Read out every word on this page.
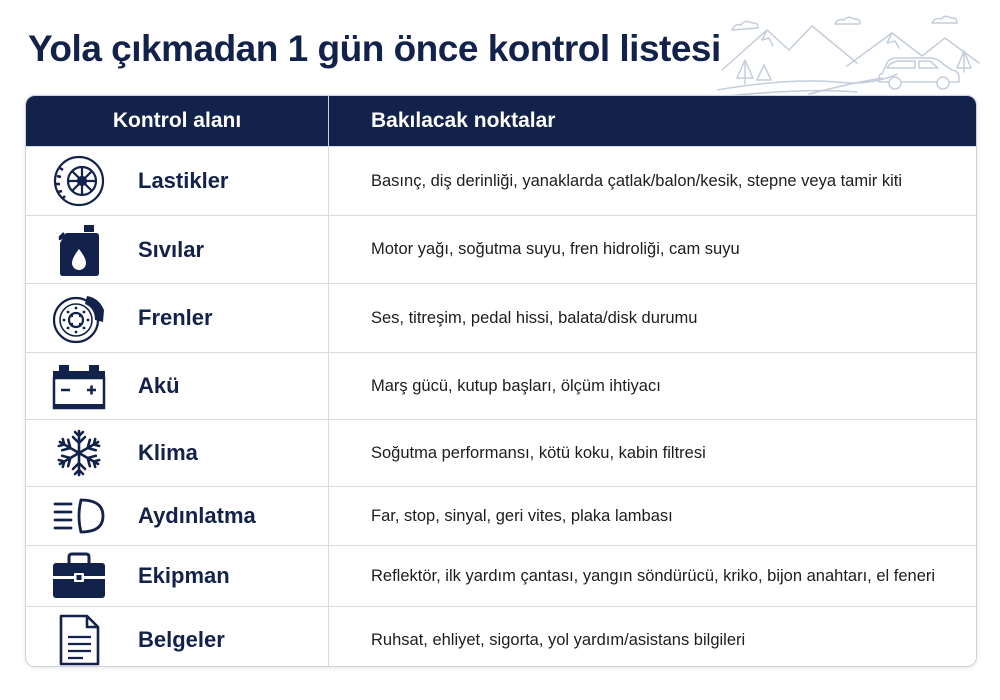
Yola çıkmadan 1 gün önce kontrol listesi
Kontrol alanı	Bakılacak noktalar
Lastikler	Basınç, diş derinliği, yanaklarda çatlak/balon/kesik, stepne veya tamir kiti
Sıvılar	Motor yağı, soğutma suyu, fren hidroliği, cam suyu
Frenler	Ses, titreşim, pedal hissi, balata/disk durumu
Akü	Marş gücü, kutup başları, ölçüm ihtiyacı
Klima	Soğutma performansı, kötü koku, kabin filtresi
Aydınlatma	Far, stop, sinyal, geri vites, plaka lambası
Ekipman	Reflektör, ilk yardım çantası, yangın söndürücü, kriko, bijon anahtarı, el feneri
Belgeler	Ruhsat, ehliyet, sigorta, yol yardım/asistans bilgileri
